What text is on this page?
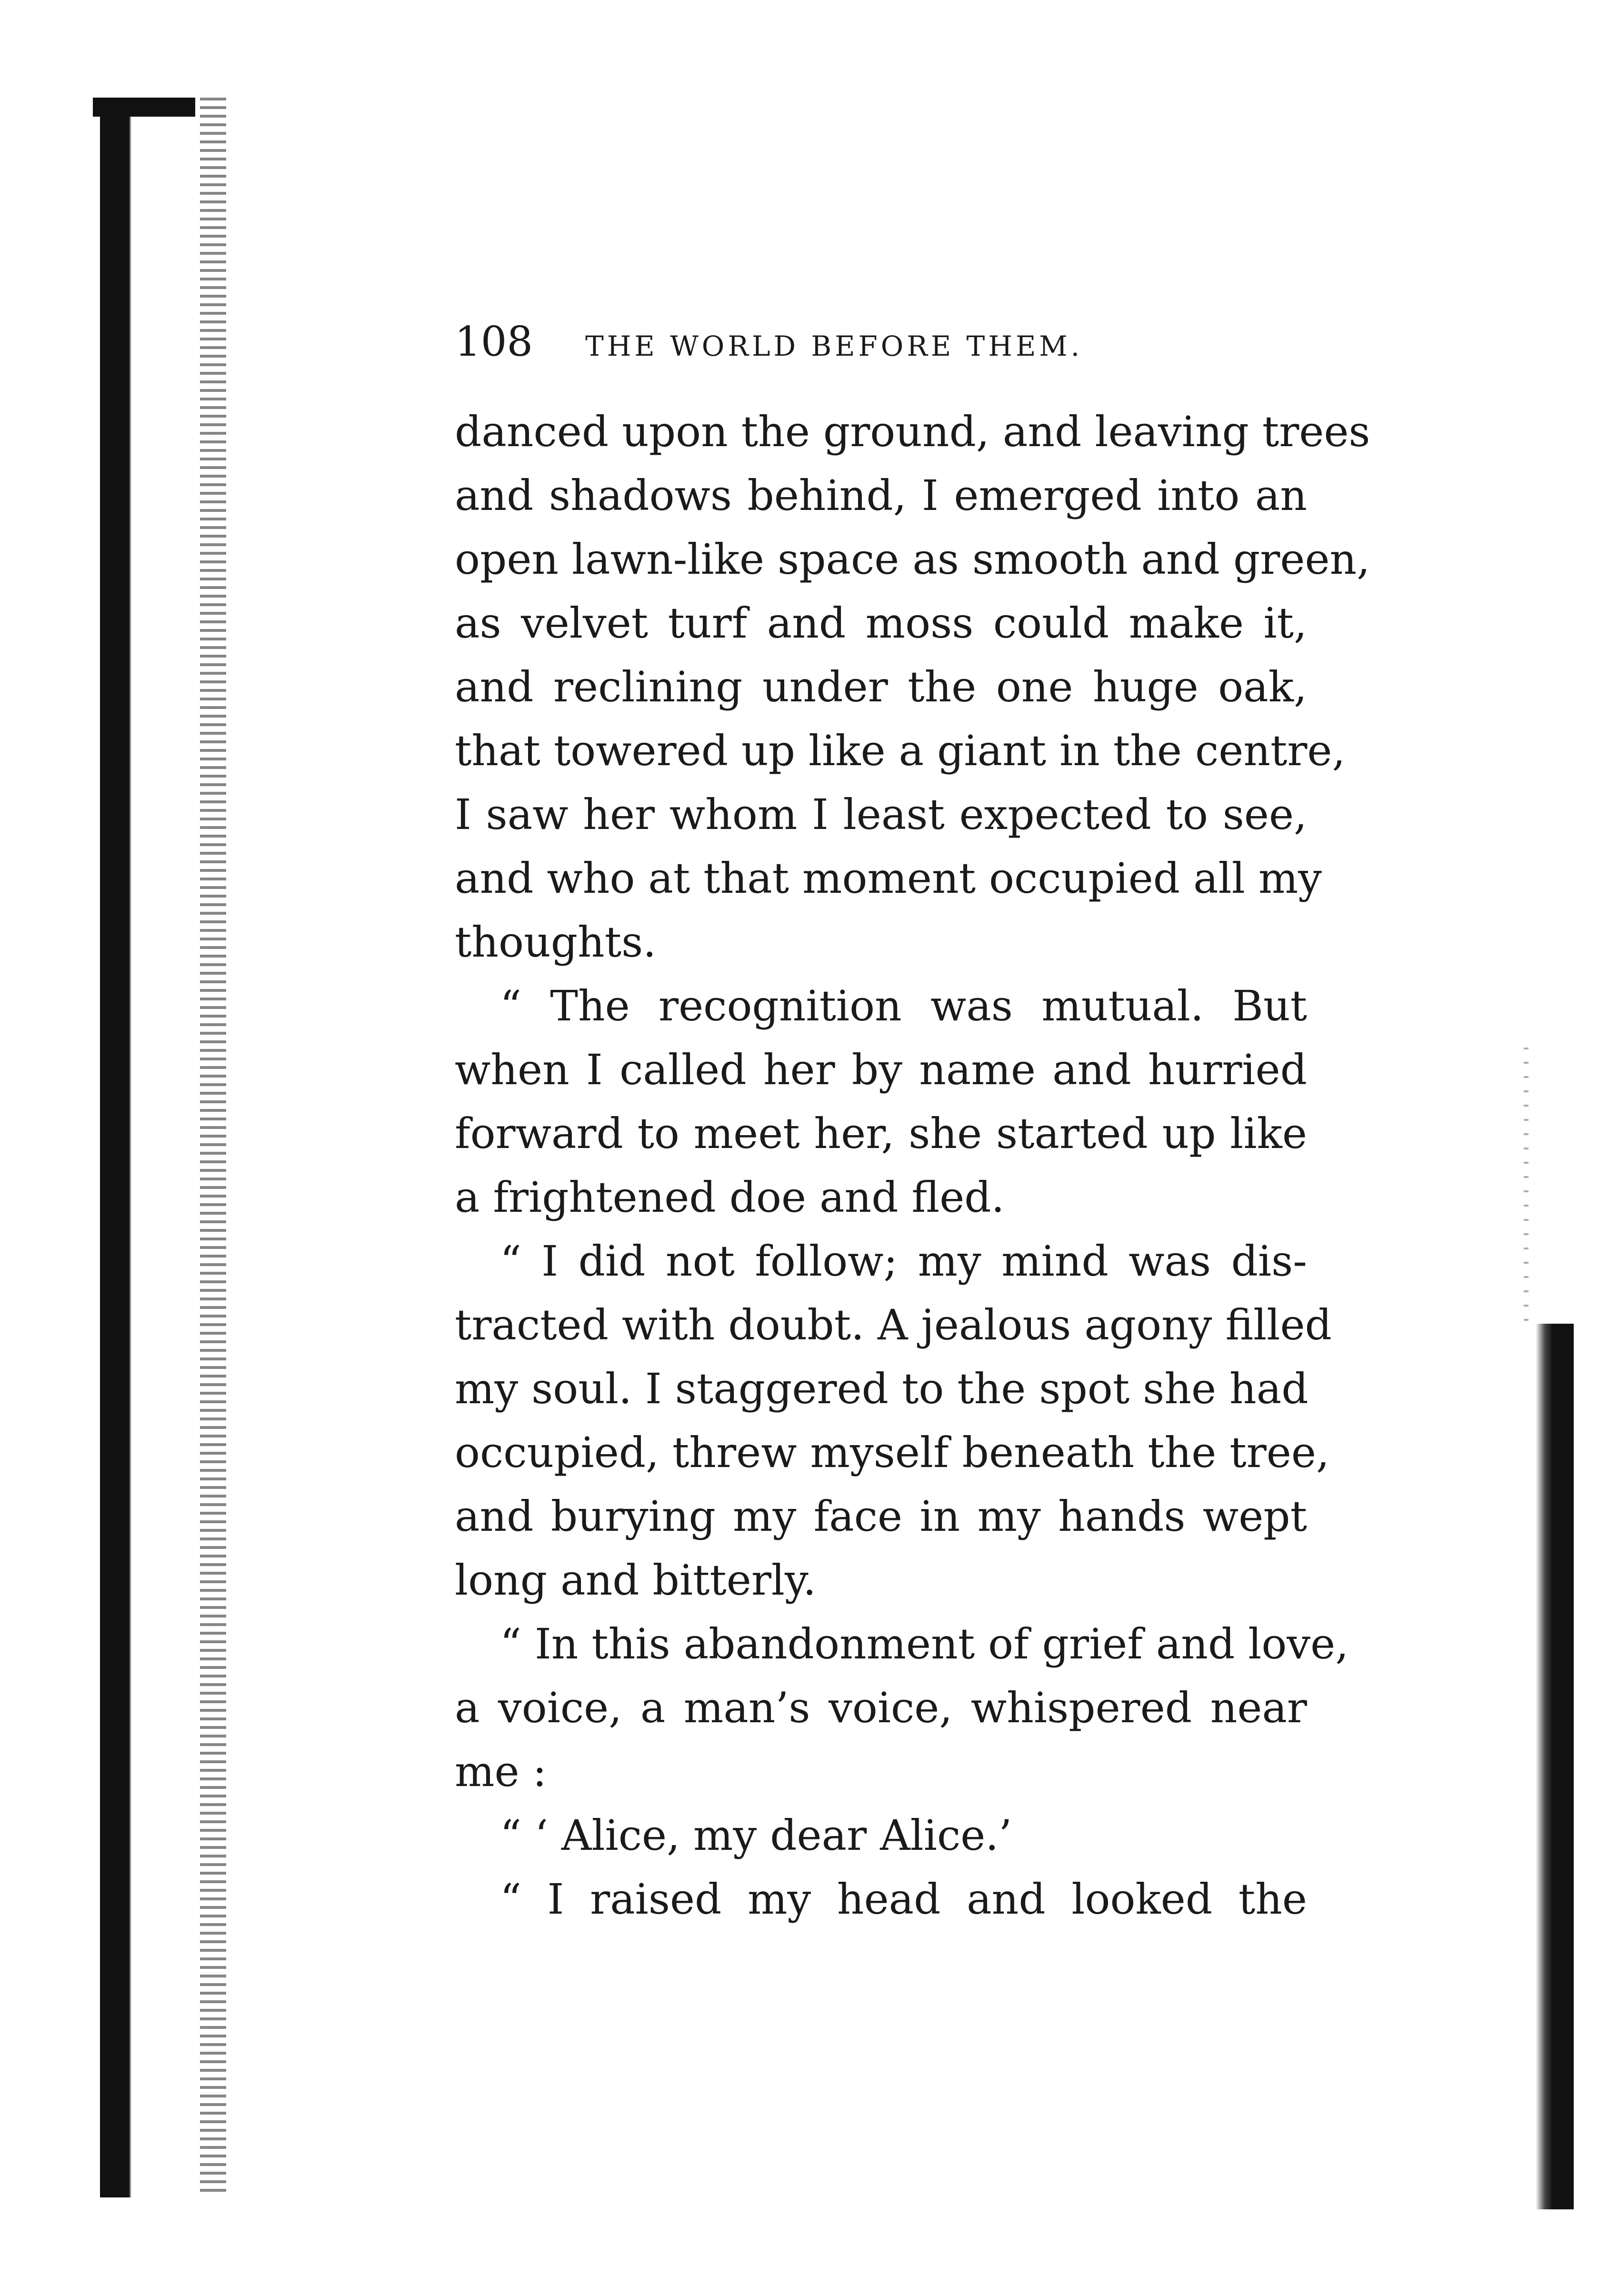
108 THE WORLD BEFORE THEM.
danced upon the ground, and leaving trees
and shadows behind, I emerged into an
open lawn-like space as smooth and green,
as velvet turf and moss could make it,
and reclining under the one huge oak,
that towered up like a giant in the centre,
I saw her whom I least expected to see,
and who at that moment occupied all my
thoughts.
“ The recognition was mutual. But
when I called her by name and hurried
forward to meet her, she started up like
a frightened doe and fled.
“ I did not follow; my mind was dis-
tracted with doubt. A jealous agony filled
my soul. I staggered to the spot she had
occupied, threw myself beneath the tree,
and burying my face in my hands wept
long and bitterly.
“ In this abandonment of grief and love,
a voice, a man’s voice, whispered near
me :
“ ‘ Alice, my dear Alice.’
“ I raised my head and looked the
